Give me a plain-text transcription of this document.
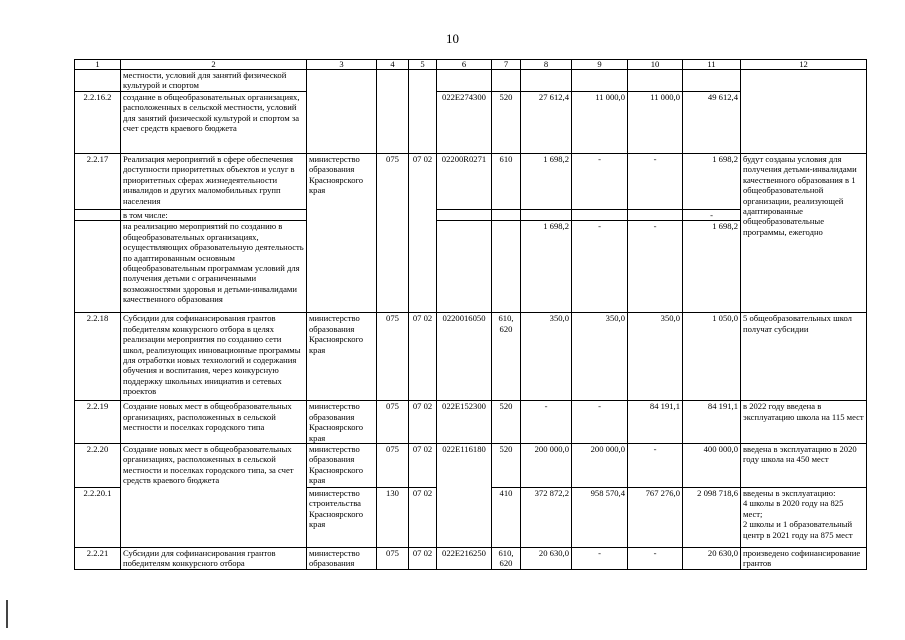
10
1	2	3	4	5	6	7	8	9	10	11	12
	местности, условий для занятий физической культурой и спортом										
2.2.16.2	создание в общеобразовательных организациях, расположенных в сельской местности, условий для занятий физической культурой и спортом за счет средств краевого бюджета				022E274300	520	27 612,4	11 000,0	11 000,0	49 612,4	
2.2.17	Реализация мероприятий в сфере обеспечения доступности приоритетных объектов и услуг в приоритетных сферах жизнедеятельности инвалидов и других маломобильных групп населения	министерство образования Красноярского края	075	07 02	02200R0271	610	1 698,2	-	-	1 698,2	будут созданы условия для получения детьми-инвалидами качественного образования в 1 общеобразовательной организации, реализующей адаптированные общеобразовательные программы, ежегодно
	в том числе:									-	
	на реализацию мероприятий по созданию в общеобразовательных организациях, осуществляющих образовательную деятельность по адаптированным основным общеобразовательным программам условий для получения детьми с ограниченными возможностями здоровья и детьми-инвалидами качественного образования						1 698,2	-	-	1 698,2	
2.2.18	Субсидии для софинансирования грантов победителям конкурсного отбора в целях реализации мероприятия по созданию сети школ, реализующих инновационные программы для отработки новых технологий и содержания обучения и воспитания, через конкурсную поддержку школьных инициатив и сетевых проектов	министерство образования Красноярского края	075	07 02	0220016050	610, 620	350,0	350,0	350,0	1 050,0	5 общеобразовательных школ получат субсидии
2.2.19	Создание новых мест в общеобразовательных организациях, расположенных в сельской местности и поселках городского типа	министерство образования Красноярского края	075	07 02	022E152300	520	-	-	84 191,1	84 191,1	в 2022 году введена в эксплуатацию школа на 115 мест
2.2.20	Создание новых мест в общеобразовательных организациях, расположенных в сельской местности и поселках городского типа, за счет средств краевого бюджета	министерство образования Красноярского края	075	07 02	022E116180	520	200 000,0	200 000,0	-	400 000,0	введена в эксплуатацию в 2020 году школа на 450 мест
2.2.20.1		министерство строительства Красноярского края	130	07 02		410	372 872,2	958 570,4	767 276,0	2 098 718,6	введены в эксплуатацию:
4 школы в 2020 году на 825 мест;
2 школы и 1 образовательный центр в 2021 году на 875 мест

2.2.21	Субсидии для софинансирования грантов победителям конкурсного отбора	министерство образования	075	07 02	022E216250	610, 620	20 630,0	-	-	20 630,0	произведено софинансирование грантов
